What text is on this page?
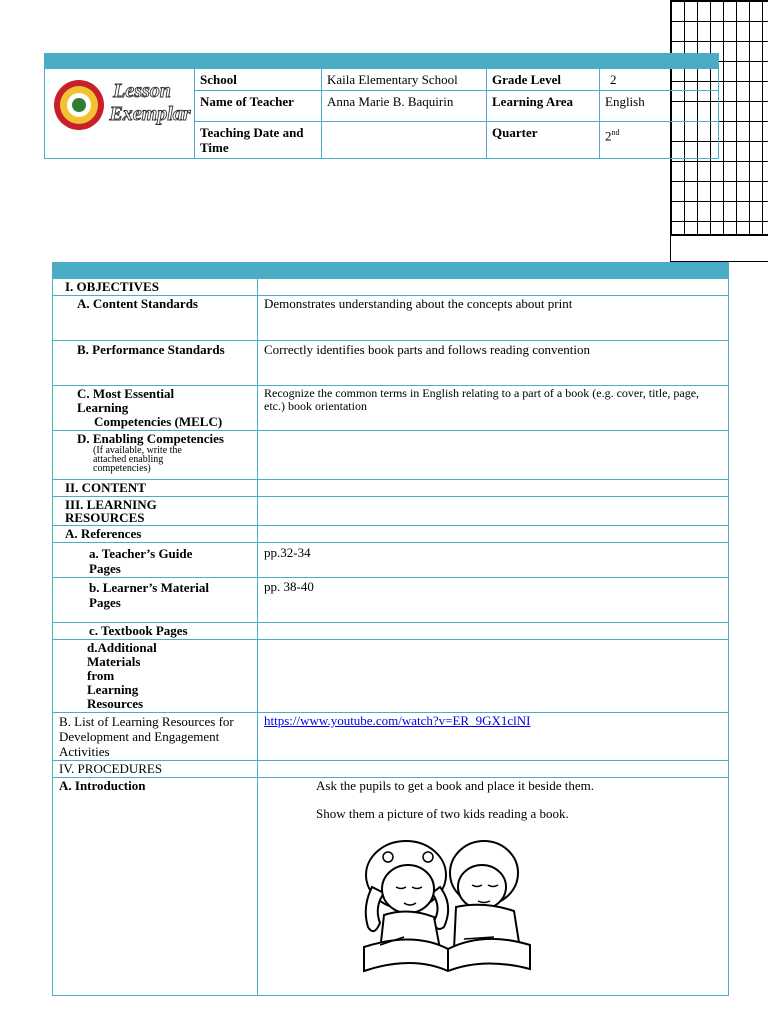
Lesson
Exemplar	School	Kaila Elementary School	Grade Level	2
	Name of Teacher	Anna Marie B. Baquirin	Learning Area	English
	Teaching Date and Time		Quarter	2nd
I. OBJECTIVES	
A. Content Standards	Demonstrates understanding about the concepts about print
B. Performance Standards	Correctly identifies book parts and follows reading convention

C. Most Essential
Learning
Competencies (MELC)	Recognize the common terms in English relating to a part of a book (e.g. cover, title, page, etc.) book orientation

D. Enabling Competencies
(If available, write the attached enabling competencies)	

II. CONTENT	
III. LEARNING RESOURCES	
A. References	
a. Teacher’s Guide Pages	pp.32-34
b. Learner’s Material Pages	pp. 38-40
c. Textbook Pages	
d.Additional Materials from Learning Resources	
B. List of Learning Resources for Development and Engagement Activities	https://www.youtube.com/watch?v=ER_9GX1clNI
IV. PROCEDURES	
A. Introduction	Ask the pupils to get a book and place it beside them.
Show them a picture of two kids reading a book.
